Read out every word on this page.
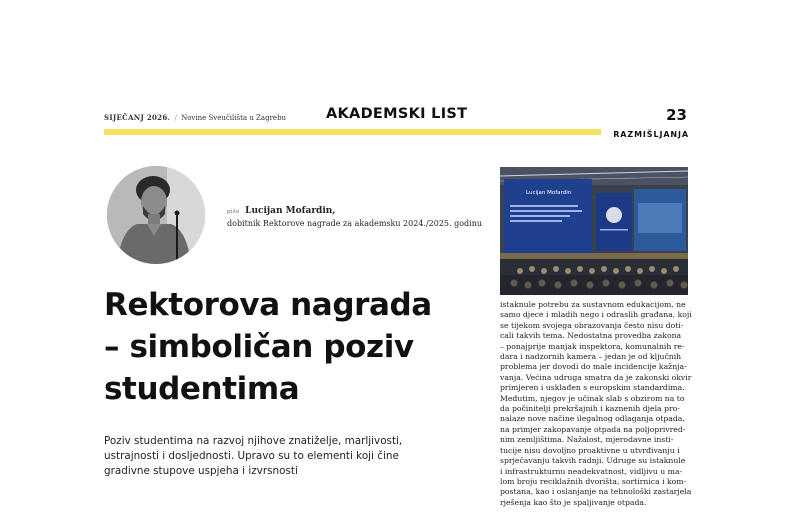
SIJEČANJ 2026. / Novine Sveučilišta u Zagrebu	AKADEMSKI LIST	23
RAZMIŠLJANJA
piše Lucijan Mofardin,
dobitnik Rektorove nagrade za akademsku 2024./2025. godinu
Rektorova nagrada
– simboličan poziv
studentima

Poziv studentima na razvoj njihove znatiželje, marljivosti,
ustrajnosti i dosljednosti. Upravo su to elementi koji čine
gradivne stupove uspjeha i izvrsnosti

Lucijan Mofardin
istaknule potrebu za sustavnom edukacijom, ne
samo djece i mladih nego i odraslih građana, koji
se tijekom svojega obrazovanja često nisu doti-
cali takvih tema. Nedostatna provedba zakona
– ponajprije manjak inspektora, komunalnih re-
dara i nadzornih kamera – jedan je od ključnih
problema jer dovodi do male incidencije kažnja-
vanja. Većina udruga smatra da je zakonski okvir
primjeren i usklađen s europskim standardima.
Međutim, njegov je učinak slab s obzirom na to
da počinitelji prekršajnih i kaznenih djela pro-
nalaze nove načine ilegalnog odlaganja otpada,
na primjer zakopavanje otpada na poljoprivred-
nim zemljištima. Nažalost, mjerodavne insti-
tucije nisu dovoljno proaktivne u utvrđivanju i
sprječavanju takvih radnji. Udruge su istaknule
i infrastrukturnu neadekvatnost, vidljivu u ma-
lom broju reciklažnih dvorišta, sortirnica i kom-
postana, kao i oslanjanje na tehnološki zastarjela
rješenja kao što je spaljivanje otpada.
